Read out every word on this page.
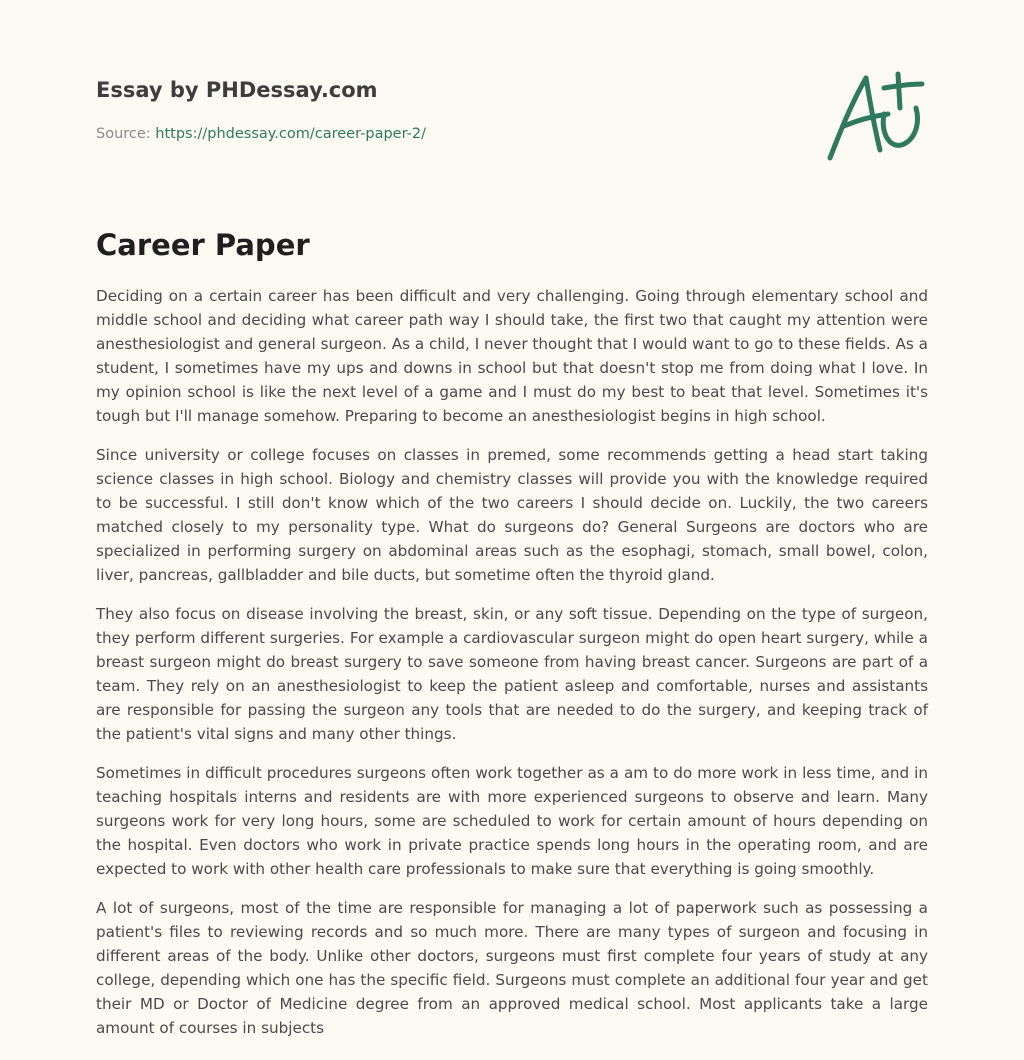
Essay by PHDessay.com
Source: https://phdessay.com/career-paper-2/
Career Paper

Deciding on a certain career has been difficult and very challenging. Going through elementary school and middle school and deciding what career path way I should take, the first two that caught my attention were anesthesiologist and general surgeon. As a child, I never thought that I would want to go to these fields. As a student, I sometimes have my ups and downs in school but that doesn't stop me from doing what I love. In my opinion school is like the next level of a game and I must do my best to beat that level. Sometimes it's tough but I'll manage somehow. Preparing to become an anesthesiologist begins in high school.

Since university or college focuses on classes in premed, some recommends getting a head start taking science classes in high school. Biology and chemistry classes will provide you with the knowledge required to be successful. I still don't know which of the two careers I should decide on. Luckily, the two careers matched closely to my personality type. What do surgeons do? General Surgeons are doctors who are specialized in performing surgery on abdominal areas such as the esophagi, stomach, small bowel, colon, liver, pancreas, gallbladder and bile ducts, but sometime often the thyroid gland.

They also focus on disease involving the breast, skin, or any soft tissue. Depending on the type of surgeon, they perform different surgeries. For example a cardiovascular surgeon might do open heart surgery, while a breast surgeon might do breast surgery to save someone from having breast cancer. Surgeons are part of a team. They rely on an anesthesiologist to keep the patient asleep and comfortable, nurses and assistants are responsible for passing the surgeon any tools that are needed to do the surgery, and keeping track of the patient's vital signs and many other things.

Sometimes in difficult procedures surgeons often work together as a am to do more work in less time, and in teaching hospitals interns and residents are with more experienced surgeons to observe and learn. Many surgeons work for very long hours, some are scheduled to work for certain amount of hours depending on the hospital. Even doctors who work in private practice spends long hours in the operating room, and are expected to work with other health care professionals to make sure that everything is going smoothly.

A lot of surgeons, most of the time are responsible for managing a lot of paperwork such as possessing a patient's files to reviewing records and so much more. There are many types of surgeon and focusing in different areas of the body. Unlike other doctors, surgeons must first complete four years of study at any college, depending which one has the specific field. Surgeons must complete an additional four year and get their MD or Doctor of Medicine degree from an approved medical school. Most applicants take a large amount of courses in subjects
